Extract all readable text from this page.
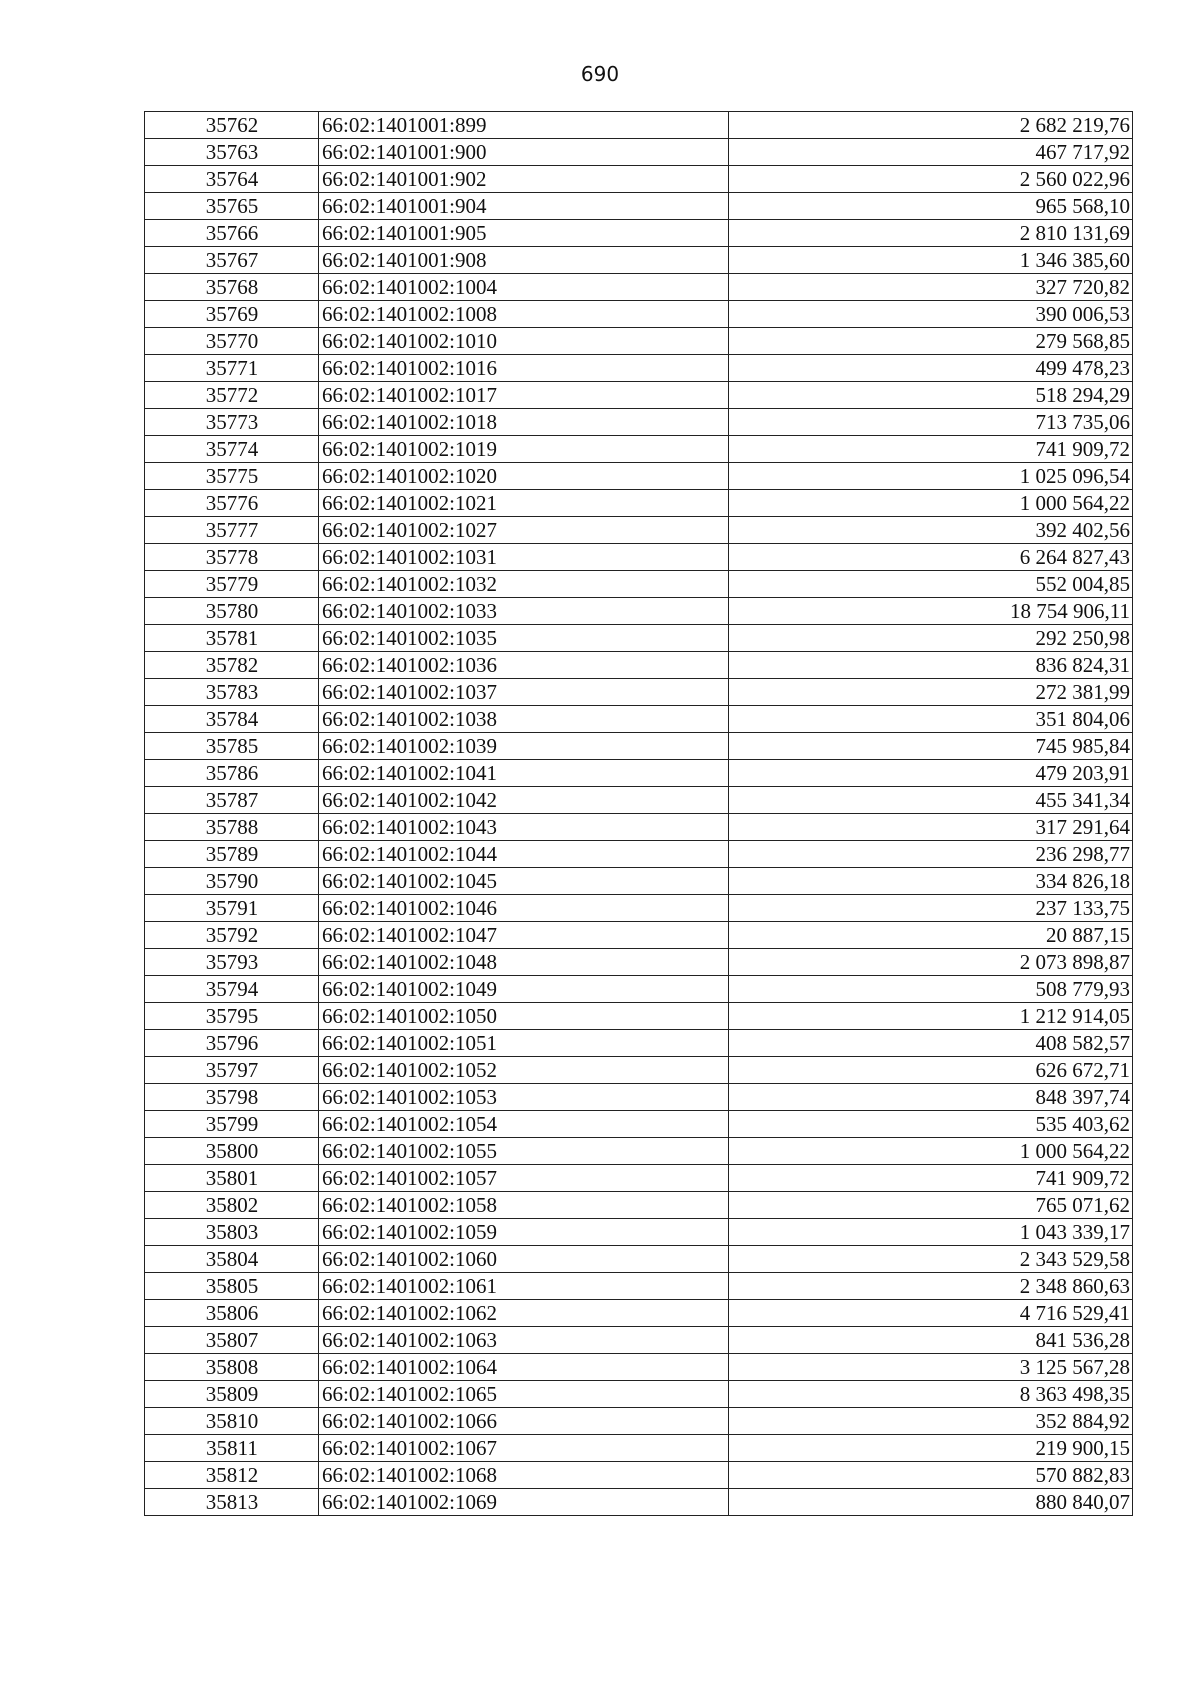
690
35762	66:02:1401001:899	2 682 219,76
35763	66:02:1401001:900	467 717,92
35764	66:02:1401001:902	2 560 022,96
35765	66:02:1401001:904	965 568,10
35766	66:02:1401001:905	2 810 131,69
35767	66:02:1401001:908	1 346 385,60
35768	66:02:1401002:1004	327 720,82
35769	66:02:1401002:1008	390 006,53
35770	66:02:1401002:1010	279 568,85
35771	66:02:1401002:1016	499 478,23
35772	66:02:1401002:1017	518 294,29
35773	66:02:1401002:1018	713 735,06
35774	66:02:1401002:1019	741 909,72
35775	66:02:1401002:1020	1 025 096,54
35776	66:02:1401002:1021	1 000 564,22
35777	66:02:1401002:1027	392 402,56
35778	66:02:1401002:1031	6 264 827,43
35779	66:02:1401002:1032	552 004,85
35780	66:02:1401002:1033	18 754 906,11
35781	66:02:1401002:1035	292 250,98
35782	66:02:1401002:1036	836 824,31
35783	66:02:1401002:1037	272 381,99
35784	66:02:1401002:1038	351 804,06
35785	66:02:1401002:1039	745 985,84
35786	66:02:1401002:1041	479 203,91
35787	66:02:1401002:1042	455 341,34
35788	66:02:1401002:1043	317 291,64
35789	66:02:1401002:1044	236 298,77
35790	66:02:1401002:1045	334 826,18
35791	66:02:1401002:1046	237 133,75
35792	66:02:1401002:1047	20 887,15
35793	66:02:1401002:1048	2 073 898,87
35794	66:02:1401002:1049	508 779,93
35795	66:02:1401002:1050	1 212 914,05
35796	66:02:1401002:1051	408 582,57
35797	66:02:1401002:1052	626 672,71
35798	66:02:1401002:1053	848 397,74
35799	66:02:1401002:1054	535 403,62
35800	66:02:1401002:1055	1 000 564,22
35801	66:02:1401002:1057	741 909,72
35802	66:02:1401002:1058	765 071,62
35803	66:02:1401002:1059	1 043 339,17
35804	66:02:1401002:1060	2 343 529,58
35805	66:02:1401002:1061	2 348 860,63
35806	66:02:1401002:1062	4 716 529,41
35807	66:02:1401002:1063	841 536,28
35808	66:02:1401002:1064	3 125 567,28
35809	66:02:1401002:1065	8 363 498,35
35810	66:02:1401002:1066	352 884,92
35811	66:02:1401002:1067	219 900,15
35812	66:02:1401002:1068	570 882,83
35813	66:02:1401002:1069	880 840,07
